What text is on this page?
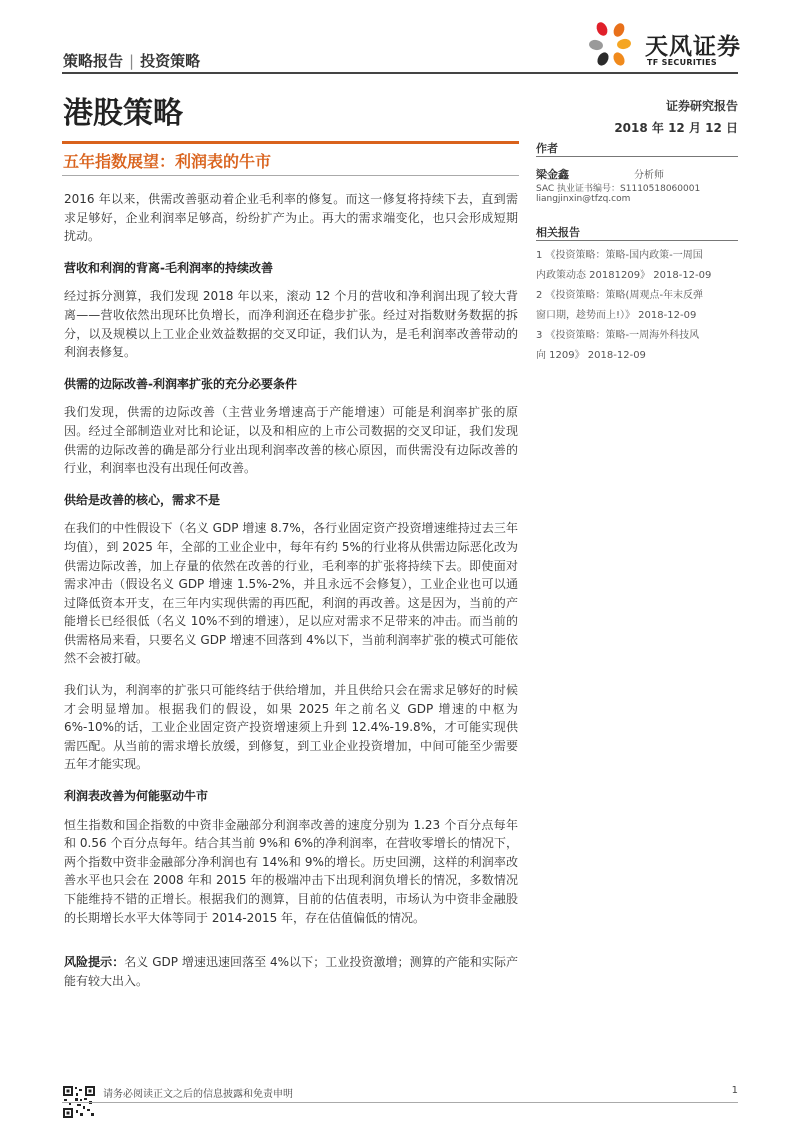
策略报告 | 投资策略
天风证券
TF SECURITIES
港股策略	证券研究报告
2018 年 12 月 12 日
五年指数展望：利润表的牛市

2016 年以来，供需改善驱动着企业毛利率的修复。而这一修复将持续下去，直到需求足够好，企业利润率足够高，纷纷扩产为止。再大的需求端变化，也只会形成短期扰动。

营收和利润的背离-毛利润率的持续改善

经过拆分测算，我们发现 2018 年以来，滚动 12 个月的营收和净利润出现了较大背离——营收依然出现环比负增长，而净利润还在稳步扩张。经过对指数财务数据的拆分，以及规模以上工业企业效益数据的交叉印证，我们认为，是毛利润率改善带动的利润表修复。

供需的边际改善-利润率扩张的充分必要条件

我们发现，供需的边际改善（主营业务增速高于产能增速）可能是利润率扩张的原因。经过全部制造业对比和论证，以及和相应的上市公司数据的交叉印证，我们发现供需的边际改善的确是部分行业出现利润率改善的核心原因，而供需没有边际改善的行业，利润率也没有出现任何改善。

供给是改善的核心，需求不是

在我们的中性假设下（名义 GDP 增速 8.7%，各行业固定资产投资增速维持过去三年均值），到 2025 年，全部的工业企业中，每年有约 5%的行业将从供需边际恶化改为供需边际改善，加上存量的依然在改善的行业，毛利率的扩张将持续下去。即使面对需求冲击（假设名义 GDP 增速 1.5%-2%，并且永远不会修复），工业企业也可以通过降低资本开支，在三年内实现供需的再匹配，利润的再改善。这是因为，当前的产能增长已经很低（名义 10%不到的增速），足以应对需求不足带来的冲击。而当前的供需格局来看，只要名义 GDP 增速不回落到 4%以下，当前利润率扩张的模式可能依然不会被打破。

我们认为，利润率的扩张只可能终结于供给增加，并且供给只会在需求足够好的时候才会明显增加。根据我们的假设，如果 2025 年之前名义 GDP 增速的中枢为 6%-10%的话，工业企业固定资产投资增速须上升到 12.4%-19.8%，才可能实现供需匹配。从当前的需求增长放缓，到修复，到工业企业投资增加，中间可能至少需要五年才能实现。

利润表改善为何能驱动牛市

恒生指数和国企指数的中资非金融部分利润率改善的速度分别为 1.23 个百分点每年和 0.56 个百分点每年。结合其当前 9%和 6%的净利润率，在营收零增长的情况下，两个指数中资非金融部分净利润也有 14%和 9%的增长。历史回溯，这样的利润率改善水平也只会在 2008 年和 2015 年的极端冲击下出现利润负增长的情况，多数情况下能维持不错的正增长。根据我们的测算，目前的估值表明，市场认为中资非金融股的长期增长水平大体等同于 2014-2015 年，存在估值偏低的情况。

风险提示：名义 GDP 增速迅速回落至 4%以下；工业投资激增；测算的产能和实际产能有较大出入。

作者
梁金鑫	分析师
SAC 执业证书编号：S1110518060001
liangjinxin@tfzq.com
相关报告
1 《投资策略：策略-国内政策-一周国
内政策动态 20181209》 2018-12-09
2 《投资策略：策略(周观点-年末反弹
窗口期，趁势而上!）》 2018-12-09
3 《投资策略：策略-一周海外科技风
向 1209》 2018-12-09
请务必阅读正文之后的信息披露和免责申明	1
